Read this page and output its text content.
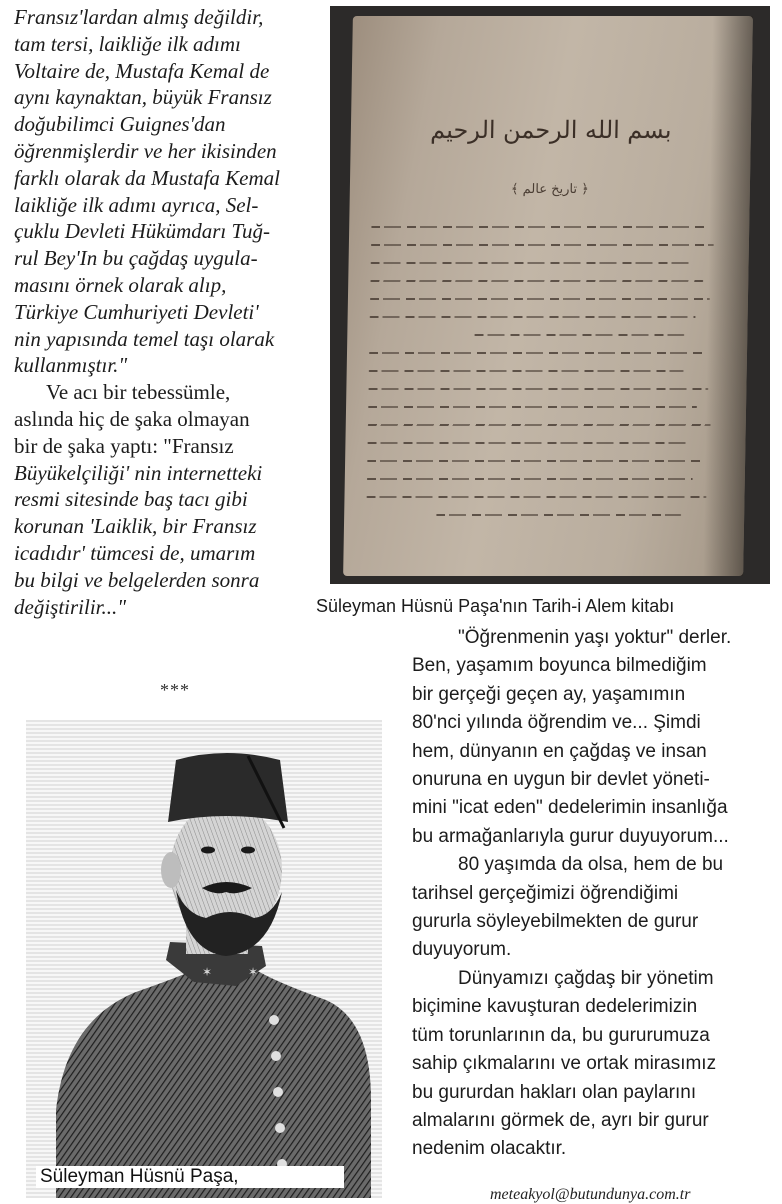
Fransız'lardan almış değildir,
tam tersi, laikliğe ilk adımı
Voltaire de, Mustafa Kemal de
aynı kaynaktan, büyük Fransız
doğubilimci Guignes'dan
öğrenmişlerdir ve her ikisinden
farklı olarak da Mustafa Kemal
laikliğe ilk adımı ayrıca, Sel-
çuklu Devleti Hükümdarı Tuğ-
rul Bey'In bu çağdaş uygula-
masını örnek olarak alıp,
Türkiye Cumhuriyeti Devleti'
nin yapısında temel taşı olarak
kullanmıştır."
Ve acı bir tebessümle,
aslında hiç de şaka olmayan
bir de şaka yaptı: "Fransız
Büyükelçiliği' nin internetteki
resmi sitesinde baş tacı gibi
korunan 'Laiklik, bir Fransız
icadıdır' tümcesi de, umarım
bu bilgi ve belgelerden sonra
değiştirilir..."
***
بسم الله الرحمن الرحيم
﴿ تاريخ عالم ﴾
Süleyman Hüsnü Paşa'nın Tarih-i Alem kitabı
"Öğrenmenin yaşı yoktur" derler.
Ben, yaşamım boyunca bilmediğim
bir gerçeği geçen ay, yaşamımın
80'nci yılında öğrendim ve... Şimdi
hem, dünyanın en çağdaş ve insan
onuruna en uygun bir devlet yöneti-
mini "icat eden" dedelerimin insanlığa
bu armağanlarıyla gurur duyuyorum...
80 yaşımda da olsa, hem de bu
tarihsel gerçeğimizi öğrendiğimi
gururla söyleyebilmekten de gurur
duyuyorum.
Dünyamızı çağdaş bir yönetim
biçimine kavuşturan dedelerimizin
tüm torunlarının da, bu gururumuza
sahip çıkmalarını ve ortak mirasımız
bu gururdan hakları olan paylarını
almalarını görmek de, ayrı bir gurur
nedenim olacaktır.
✶	✶
Süleyman Hüsnü Paşa,
meteakyol@butundunya.com.tr
